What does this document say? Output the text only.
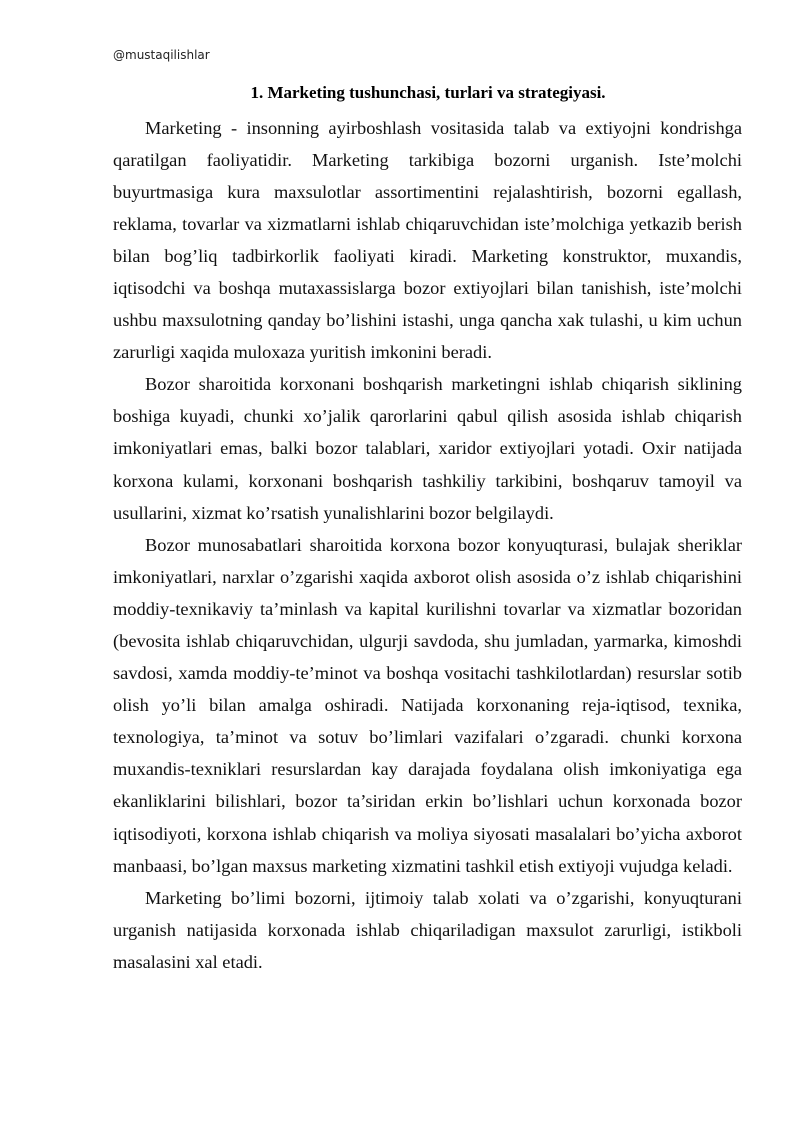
@mustaqilishlar
1. Marketing tushunchasi, turlari va strategiyasi.

Marketing - insonning ayirboshlash vositasida talab va extiyojni kondrishga qaratilgan faoliyatidir. Marketing tarkibiga bozorni urganish. Iste’molchi buyurtmasiga kura maxsulotlar assortimentini rejalashtirish, bozorni egallash, reklama, tovarlar va xizmatlarni ishlab chiqaruvchidan iste’molchiga yetkazib berish bilan bog’liq tadbirkorlik faoliyati kiradi. Marketing konstruktor, muxandis, iqtisodchi va boshqa mutaxassislarga bozor extiyojlari bilan tanishish, iste’molchi ushbu maxsulotning qanday bo’lishini istashi, unga qancha xak tulashi, u kim uchun zarurligi xaqida muloxaza yuritish imkonini beradi.

Bozor sharoitida korxonani boshqarish marketingni ishlab chiqarish siklining boshiga kuyadi, chunki xo’jalik qarorlarini qabul qilish asosida ishlab chiqarish imkoniyatlari emas, balki bozor talablari, xaridor extiyojlari yotadi. Oxir natijada korxona kulami, korxonani boshqarish tashkiliy tarkibini, boshqaruv tamoyil va usullarini, xizmat ko’rsatish yunalishlarini bozor belgilaydi.

Bozor munosabatlari sharoitida korxona bozor konyuqturasi, bulajak sheriklar imkoniyatlari, narxlar o’zgarishi xaqida axborot olish asosida o’z ishlab chiqarishini moddiy-texnikaviy ta’minlash va kapital kurilishni tovarlar va xizmatlar bozoridan (bevosita ishlab chiqaruvchidan, ulgurji savdoda, shu jumladan, yarmarka, kimoshdi savdosi, xamda moddiy-te’minot va boshqa vositachi tashkilotlardan) resurslar sotib olish yo’li bilan amalga oshiradi. Natijada korxonaning reja-iqtisod, texnika, texnologiya, ta’minot va sotuv bo’limlari vazifalari o’zgaradi. chunki korxona muxandis-texniklari resurslardan kay darajada foydalana olish imkoniyatiga ega ekanliklarini bilishlari, bozor ta’siridan erkin bo’lishlari uchun korxonada bozor iqtisodiyoti, korxona ishlab chiqarish va moliya siyosati masalalari bo’yicha axborot manbaasi, bo’lgan maxsus marketing xizmatini tashkil etish extiyoji vujudga keladi.

Marketing bo’limi bozorni, ijtimoiy talab xolati va o’zgarishi, konyuqturani urganish natijasida korxonada ishlab chiqariladigan maxsulot zarurligi, istikboli masalasini xal etadi.
